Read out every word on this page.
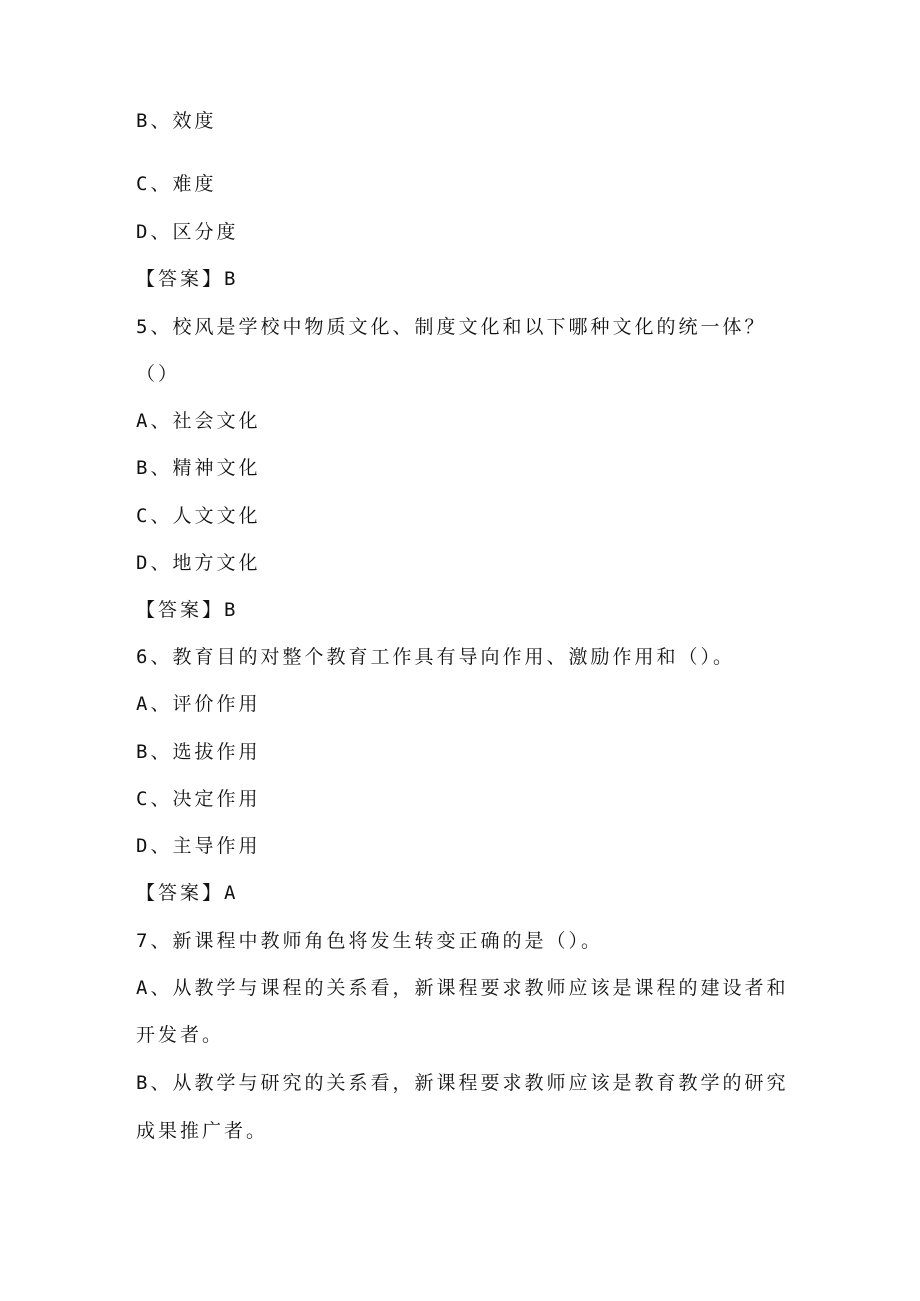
B、效度
C、难度
D、区分度
【答案】B
5、校风是学校中物质文化、制度文化和以下哪种文化的统一体？
（）
A、社会文化
B、精神文化
C、人文文化
D、地方文化
【答案】B
6、教育目的对整个教育工作具有导向作用、激励作用和（）。
A、评价作用
B、选拔作用
C、决定作用
D、主导作用
【答案】A
7、新课程中教师角色将发生转变正确的是（）。
A、从教学与课程的关系看，新课程要求教师应该是课程的建设者和
开发者。
B、从教学与研究的关系看，新课程要求教师应该是教育教学的研究
成果推广者。
